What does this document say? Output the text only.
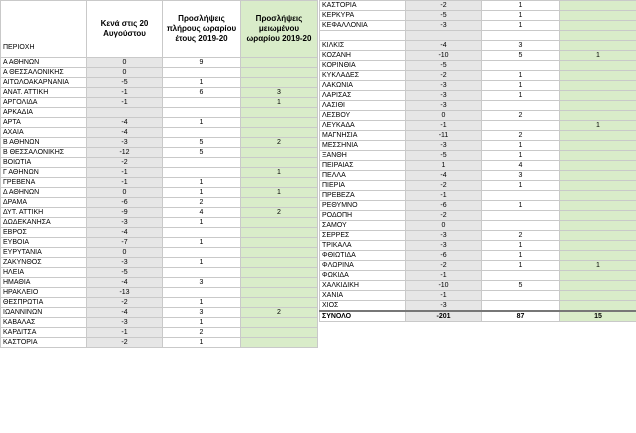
ΠΕΡΙΟΧΗ	Κενά στις 20 Αυγούστου	Προσλήψεις πλήρους ωραρίου έτους 2019-20	Προσλήψεις μειωμένου ωραρίου 2019-20
Α ΑΘΗΝΩΝ	0	9	
Α ΘΕΣΣΑΛΟΝΙΚΗΣ	0		
ΑΙΤΩΛΟΑΚΑΡΝΑΝΙΑ	-5	1	
ΑΝΑΤ. ΑΤΤΙΚΗ	-1	6	3
ΑΡΓΟΛΙΔΑ	-1		1
ΑΡΚΑΔΙΑ			
ΑΡΤΑ	-4	1	
ΑΧΑΙΑ	-4		
Β ΑΘΗΝΩΝ	-3	5	2
Β ΘΕΣΣΑΛΟΝΙΚΗΣ	-12	5	
ΒΟΙΩΤΙΑ	-2		
Γ ΑΘΗΝΩΝ	-1		1
ΓΡΕΒΕΝΑ	-1	1	
Δ ΑΘΗΝΩΝ	0	1	1
ΔΡΑΜΑ	-6	2	
ΔΥΤ. ΑΤΤΙΚΗ	-9	4	2
ΔΩΔΕΚΑΝΗΣΑ	-3	1	
ΕΒΡΟΣ	-4		
ΕΥΒΟΙΑ	-7	1	
ΕΥΡΥΤΑΝΙΑ	0		
ΖΑΚΥΝΘΟΣ	-3	1	
ΗΛΕΙΑ	-5		
ΗΜΑΘΙΑ	-4	3	
ΗΡΑΚΛΕΙΟ	-13		
ΘΕΣΠΡΩΤΙΑ	-2	1	
ΙΩΑΝΝΙΝΩΝ	-4	3	2
ΚΑΒΑΛΑΣ	-3	1	
ΚΑΡΔΙΤΣΑ	-1	2	
ΚΑΣΤΟΡΙΑ	-2	1	
ΚΑΣΤΟΡΙΑ	-2	1	
ΚΕΡΚΥΡΑ	-5	1	
ΚΕΦΑΛΛΟΝΙΑ	-3	1	

ΚΙΛΚΙΣ	-4	3	
ΚΟΖΑΝΗ	-10	5	1
ΚΟΡΙΝΘΙΑ	-5		
ΚΥΚΛΑΔΕΣ	-2	1	
ΛΑΚΩΝΙΑ	-3	1	
ΛΑΡΙΣΑΣ	-3	1	
ΛΑΣΙΘΙ	-3		
ΛΕΣΒΟΥ	0	2	
ΛΕΥΚΑΔΑ	-1		1
ΜΑΓΝΗΣΙΑ	-11	2	
ΜΕΣΣΗΝΙΑ	-3	1	
ΞΑΝΘΗ	-5	1	
ΠΕΙΡΑΙΑΣ	1	4	
ΠΕΛΛΑ	-4	3	
ΠΙΕΡΙΑ	-2	1	
ΠΡΕΒΕΖΑ	-1		
ΡΕΘΥΜΝΟ	-6	1	
ΡΟΔΟΠΗ	-2		
ΣΑΜΟΥ	0		
ΣΕΡΡΕΣ	-3	2	
ΤΡΙΚΑΛΑ	-3	1	
ΦΘΙΩΤΙΔΑ	-6	1	
ΦΛΩΡΙΝΑ	-2	1	1
ΦΩΚΙΔΑ	-1		
ΧΑΛΚΙΔΙΚΗ	-10	5	
ΧΑΝΙΑ	-1		
ΧΙΟΣ	-3		
ΣΥΝΟΛΟ	-201	87	15
